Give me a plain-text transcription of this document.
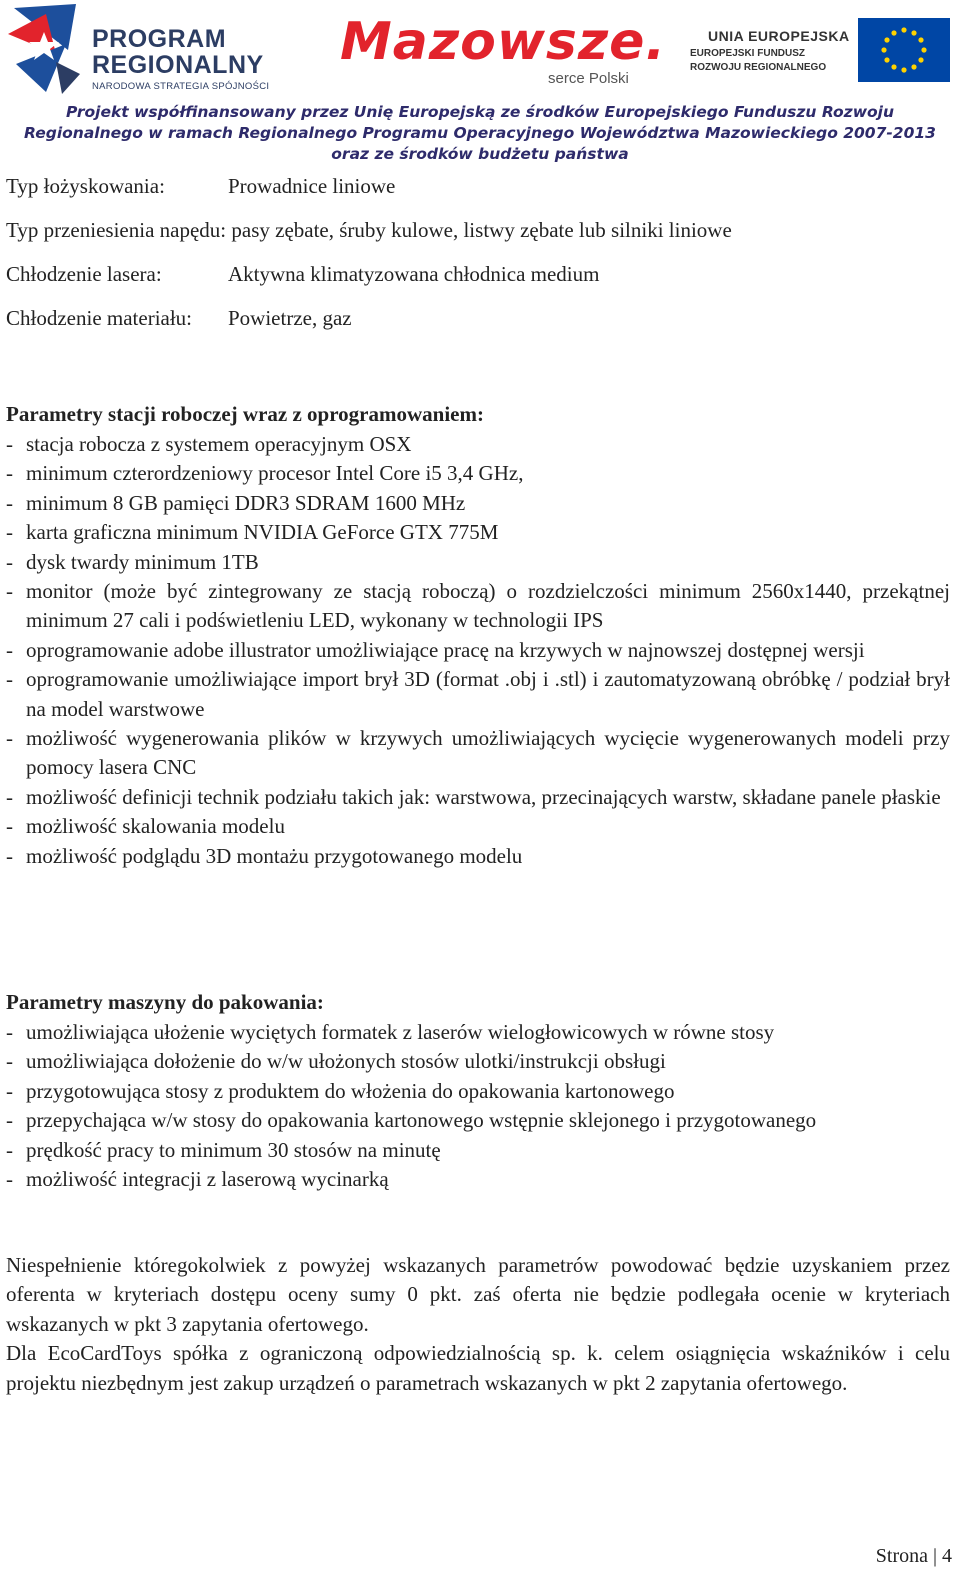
PROGRAM
REGIONALNY
NARODOWA STRATEGIA SPÓJNOŚCI
Mazowsze.
serce Polski
UNIA EUROPEJSKA
EUROPEJSKI FUNDUSZ
ROZWOJU REGIONALNEGO
Projekt współfinansowany przez Unię Europejską ze środków Europejskiego Funduszu Rozwoju
Regionalnego w ramach Regionalnego Programu Operacyjnego Województwa Mazowieckiego 2007-2013
oraz ze środków budżetu państwa
Typ łożyskowania:	Prowadnice liniowe
Typ przeniesienia napędu: pasy zębate, śruby kulowe, listwy zębate lub silniki liniowe
Chłodzenie lasera:	Aktywna klimatyzowana chłodnica medium
Chłodzenie materiału: Powietrze, gaz
Parametry stacji roboczej wraz z oprogramowaniem:
- stacja robocza z systemem operacyjnym OSX
- minimum czterordzeniowy procesor Intel Core i5 3,4 GHz,
- minimum 8 GB pamięci DDR3 SDRAM 1600 MHz
- karta graficzna minimum NVIDIA GeForce GTX 775M
- dysk twardy minimum 1TB
- monitor (może być zintegrowany ze stacją roboczą) o rozdzielczości minimum 2560x1440, przekątnej minimum 27 cali i podświetleniu LED, wykonany w technologii IPS
- oprogramowanie adobe illustrator umożliwiające pracę na krzywych w najnowszej dostępnej wersji
- oprogramowanie umożliwiające import brył 3D (format .obj i .stl) i zautomatyzowaną obróbkę / podział brył na model warstwowe
- możliwość wygenerowania plików w krzywych umożliwiających wycięcie wygenerowanych modeli przy pomocy lasera CNC
- możliwość definicji technik podziału takich jak: warstwowa, przecinających warstw, składane panele płaskie
- możliwość skalowania modelu
- możliwość podglądu 3D montażu przygotowanego modelu
Parametry maszyny do pakowania:
- umożliwiająca ułożenie wyciętych formatek z laserów wielogłowicowych w równe stosy
- umożliwiająca dołożenie do w/w ułożonych stosów ulotki/instrukcji obsługi
- przygotowująca stosy z produktem do włożenia do opakowania kartonowego
- przepychająca w/w stosy do opakowania kartonowego wstępnie sklejonego i przygotowanego
- prędkość pracy to minimum 30 stosów na minutę
- możliwość integracji z laserową wycinarką

Niespełnienie któregokolwiek z powyżej wskazanych parametrów powodować będzie uzyskaniem przez oferenta w kryteriach dostępu oceny sumy 0 pkt. zaś oferta nie będzie podlegała ocenie w kryteriach wskazanych w pkt 3 zapytania ofertowego.

Dla EcoCardToys spółka z ograniczoną odpowiedzialnością sp. k. celem osiągnięcia wskaźników i celu projektu niezbędnym jest zakup urządzeń o parametrach wskazanych w pkt 2 zapytania ofertowego.

Strona | 4
